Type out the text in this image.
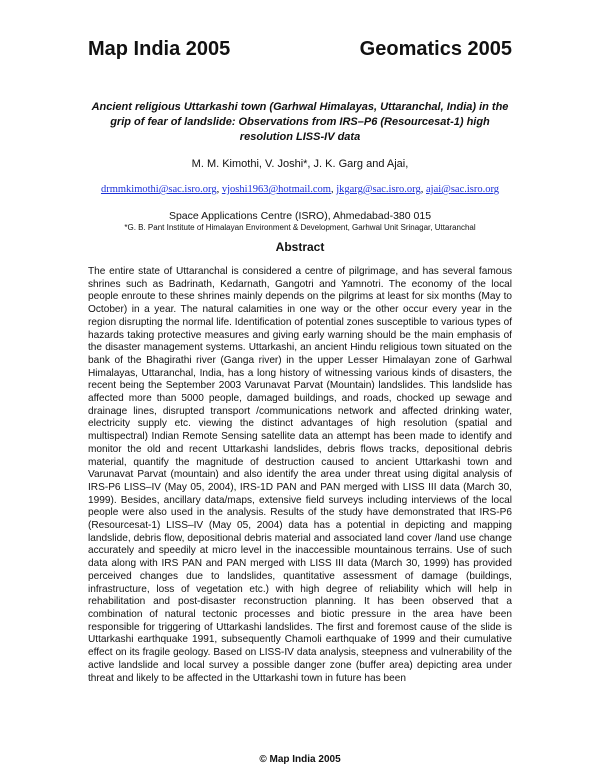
Map India 2005	Geomatics 2005
Ancient religious Uttarkashi town (Garhwal Himalayas, Uttaranchal, India) in the grip of fear of landslide: Observations from IRS–P6 (Resourcesat-1) high resolution LISS-IV data
M. M. Kimothi, V. Joshi*, J. K. Garg and Ajai,
drmmkimothi@sac.isro.org, vjoshi1963@hotmail.com, jkgarg@sac.isro.org, ajai@sac.isro.org
Space Applications Centre (ISRO), Ahmedabad-380 015
*G. B. Pant Institute of Himalayan Environment & Development, Garhwal Unit Srinagar, Uttaranchal
Abstract

The entire state of Uttaranchal is considered a centre of pilgrimage, and has several famous shrines such as Badrinath, Kedarnath, Gangotri and Yamnotri. The economy of the local people enroute to these shrines mainly depends on the pilgrims at least for six months (May to October) in a year. The natural calamities in one way or the other occur every year in the region disrupting the normal life. Identification of potential zones susceptible to various types of hazards taking protective measures and giving early warning should be the main emphasis of the disaster management systems. Uttarkashi, an ancient Hindu religious town situated on the bank of the Bhagirathi river (Ganga river) in the upper Lesser Himalayan zone of Garhwal Himalayas, Uttaranchal, India, has a long history of witnessing various kinds of disasters, the recent being the September 2003 Varunavat Parvat (Mountain) landslides. This landslide has affected more than 5000 people, damaged buildings, and roads, chocked up sewage and drainage lines, disrupted transport /communications network and affected drinking water, electricity supply etc. viewing the distinct advantages of high resolution (spatial and multispectral) Indian Remote Sensing satellite data an attempt has been made to identify and monitor the old and recent Uttarkashi landslides, debris flows tracks, depositional debris material, quantify the magnitude of destruction caused to ancient Uttarkashi town and Varunavat Parvat (mountain) and also identify the area under threat using digital analysis of IRS-P6 LISS–IV (May 05, 2004), IRS-1D PAN and PAN merged with LISS III data (March 30, 1999). Besides, ancillary data/maps, extensive field surveys including interviews of the local people were also used in the analysis. Results of the study have demonstrated that IRS-P6 (Resourcesat-1) LISS–IV (May 05, 2004) data has a potential in depicting and mapping landslide, debris flow, depositional debris material and associated land cover /land use change accurately and speedily at micro level in the inaccessible mountainous terrains. Use of such data along with IRS PAN and PAN merged with LISS III data (March 30, 1999) has provided perceived changes due to landslides, quantitative assessment of damage (buildings, infrastructure, loss of vegetation etc.) with high degree of reliability which will help in rehabilitation and post-disaster reconstruction planning. It has been observed that a combination of natural tectonic processes and biotic pressure in the area have been responsible for triggering of Uttarkashi landslides. The first and foremost cause of the slide is Uttarkashi earthquake 1991, subsequently Chamoli earthquake of 1999 and their cumulative effect on its fragile geology. Based on LISS-IV data analysis, steepness and vulnerability of the active landslide and local survey a possible danger zone (buffer area) depicting area under threat and likely to be affected in the Uttarkashi town in future has been

© Map India 2005
